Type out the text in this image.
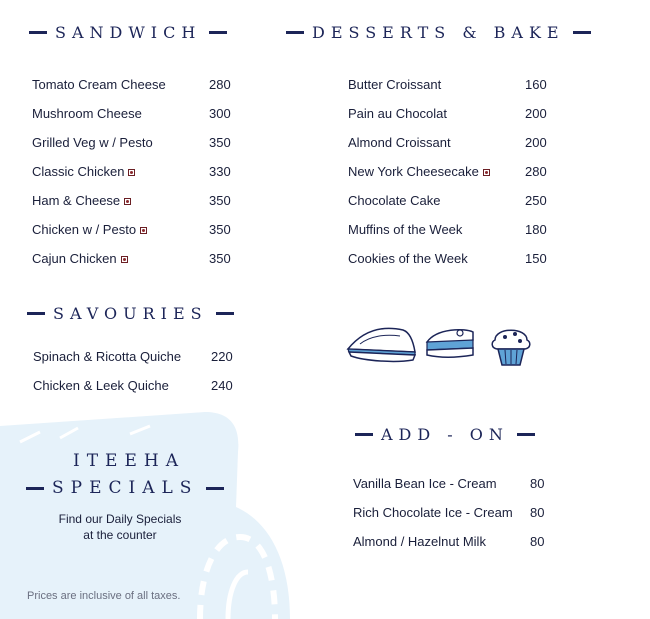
SANDWICH
Tomato Cream Cheese	280
Mushroom Cheese	300
Grilled Veg w / Pesto	350
Classic Chicken	330
Ham & Cheese	350
Chicken w / Pesto	350
Cajun Chicken	350
DESSERTS & BAKE
Butter Croissant	160
Pain au Chocolat	200
Almond Croissant	200
New York Cheesecake	280
Chocolate Cake	250
Muffins of the Week	180
Cookies of the Week	150
SAVOURIES
Spinach & Ricotta Quiche 220
Chicken & Leek Quiche	240
ADD - ON
Vanilla Bean Ice - Cream	80
Rich Chocolate Ice - Cream 80
Almond / Hazelnut Milk	80
ITEEHA
SPECIALS
Find our Daily Specials
at the counter
Prices are inclusive of all taxes.
